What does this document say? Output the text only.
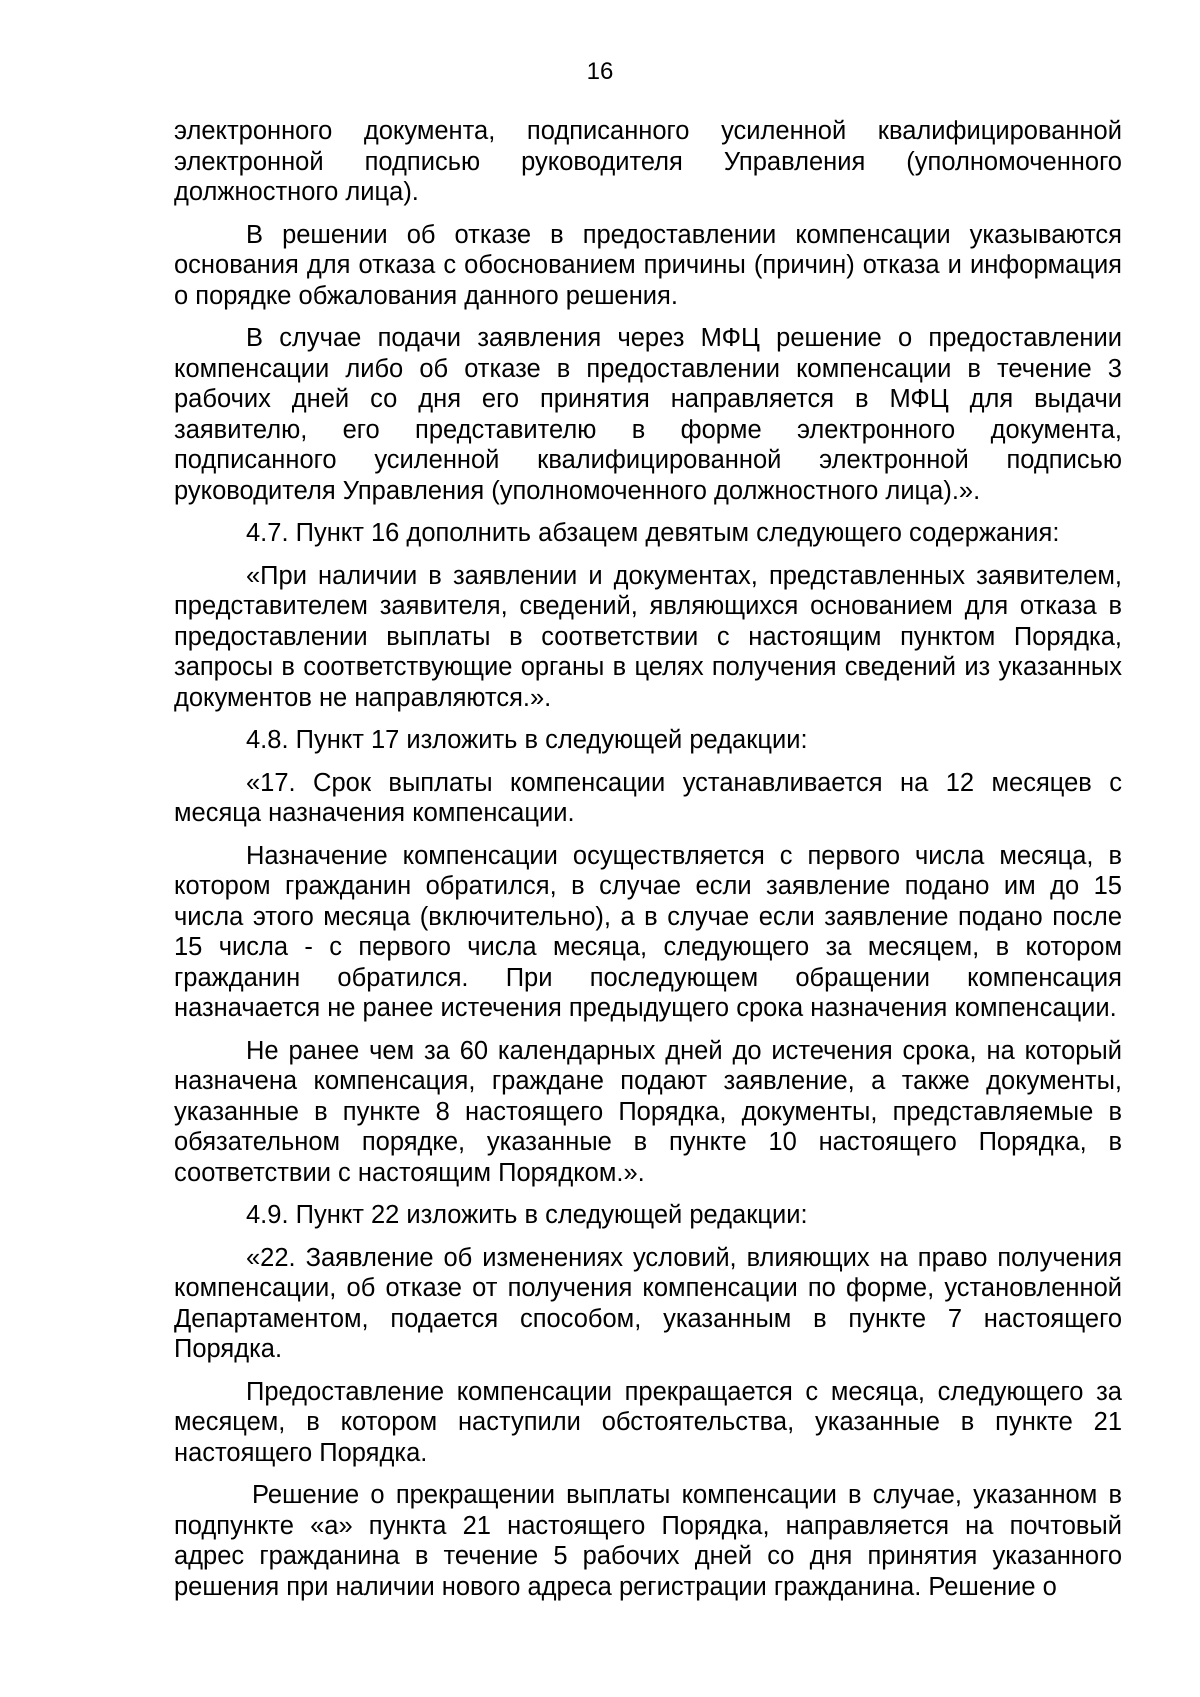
16

электронного документа, подписанного усиленной квалифицированной электронной подписью руководителя Управления (уполномоченного должностного лица).

В решении об отказе в предоставлении компенсации указываются основания для отказа с обоснованием причины (причин) отказа и информация о порядке обжалования данного решения.

В случае подачи заявления через МФЦ решение о предоставлении компенсации либо об отказе в предоставлении компенсации в течение 3 рабочих дней со дня его принятия направляется в МФЦ для выдачи заявителю, его представителю в форме электронного документа, подписанного усиленной квалифицированной электронной подписью руководителя Управления (уполномоченного должностного лица).».

4.7. Пункт 16 дополнить абзацем девятым следующего содержания:

«При наличии в заявлении и документах, представленных заявителем, представителем заявителя, сведений, являющихся основанием для отказа в предоставлении выплаты в соответствии с настоящим пунктом Порядка, запросы в соответствующие органы в целях получения сведений из указанных документов не направляются.».

4.8. Пункт 17 изложить в следующей редакции:

«17. Срок выплаты компенсации устанавливается на 12 месяцев с месяца назначения компенсации.

Назначение компенсации осуществляется с первого числа месяца, в котором гражданин обратился, в случае если заявление подано им до 15 числа этого месяца (включительно), а в случае если заявление подано после 15 числа - с первого числа месяца, следующего за месяцем, в котором гражданин обратился. При последующем обращении компенсация назначается не ранее истечения предыдущего срока назначения компенсации.

Не ранее чем за 60 календарных дней до истечения срока, на который назначена компенсация, граждане подают заявление, а также документы, указанные в пункте 8 настоящего Порядка, документы, представляемые в обязательном порядке, указанные в пункте 10 настоящего Порядка, в соответствии с настоящим Порядком.».

4.9. Пункт 22 изложить в следующей редакции:

«22. Заявление об изменениях условий, влияющих на право получения компенсации, об отказе от получения компенсации по форме, установленной Департаментом, подается способом, указанным в пункте 7 настоящего Порядка.

Предоставление компенсации прекращается с месяца, следующего за месяцем, в котором наступили обстоятельства, указанные в пункте 21 настоящего Порядка.

Решение о прекращении выплаты компенсации в случае, указанном в подпункте «а» пункта 21 настоящего Порядка, направляется на почтовый адрес гражданина в течение 5 рабочих дней со дня принятия указанного решения при наличии нового адреса регистрации гражданина. Решение о
